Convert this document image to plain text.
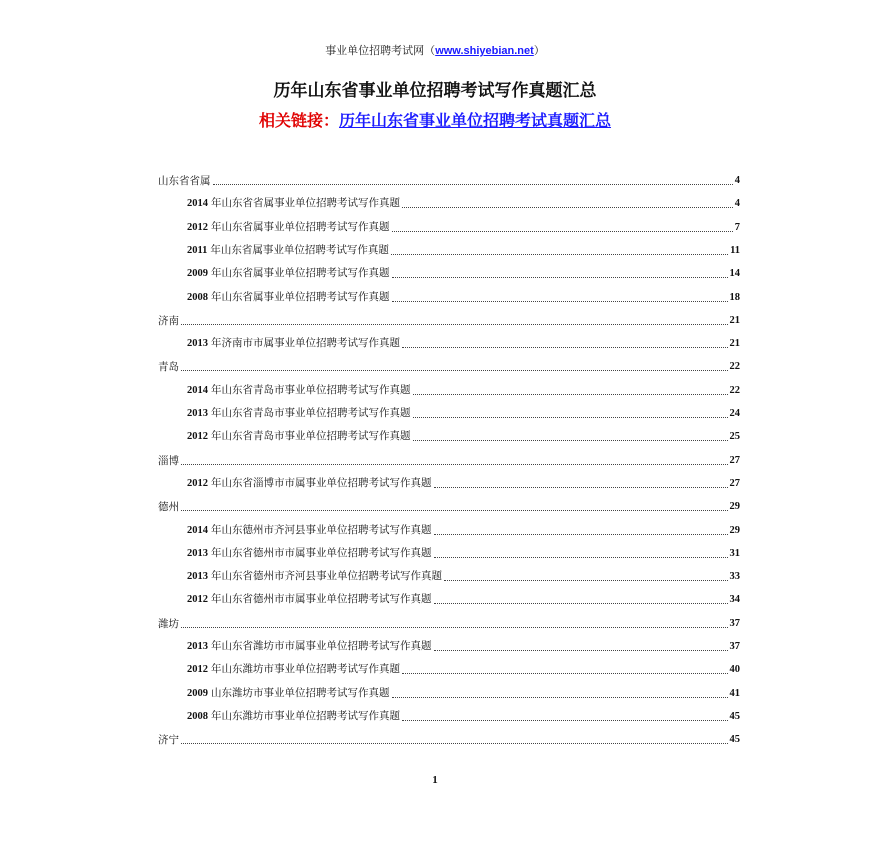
事业单位招聘考试网（www.shiyebian.net）
历年山东省事业单位招聘考试写作真题汇总
相关链接：历年山东省事业单位招聘考试真题汇总
山东省省属	4
2014 年山东省省属事业单位招聘考试写作真题	4
2012 年山东省属事业单位招聘考试写作真题	7
2011 年山东省属事业单位招聘考试写作真题	11
2009 年山东省属事业单位招聘考试写作真题	14
2008 年山东省属事业单位招聘考试写作真题	18
济南	21
2013 年济南市市属事业单位招聘考试写作真题	21
青岛	22
2014 年山东省青岛市事业单位招聘考试写作真题	22
2013 年山东省青岛市事业单位招聘考试写作真题	24
2012 年山东省青岛市事业单位招聘考试写作真题	25
淄博	27
2012 年山东省淄博市市属事业单位招聘考试写作真题	27
德州	29
2014 年山东德州市齐河县事业单位招聘考试写作真题	29
2013 年山东省德州市市属事业单位招聘考试写作真题	31
2013 年山东省德州市齐河县事业单位招聘考试写作真题	33
2012 年山东省德州市市属事业单位招聘考试写作真题	34
潍坊	37
2013 年山东省潍坊市市属事业单位招聘考试写作真题	37
2012 年山东潍坊市事业单位招聘考试写作真题	40
2009 山东潍坊市事业单位招聘考试写作真题	41
2008 年山东潍坊市事业单位招聘考试写作真题	45
济宁	45
1
